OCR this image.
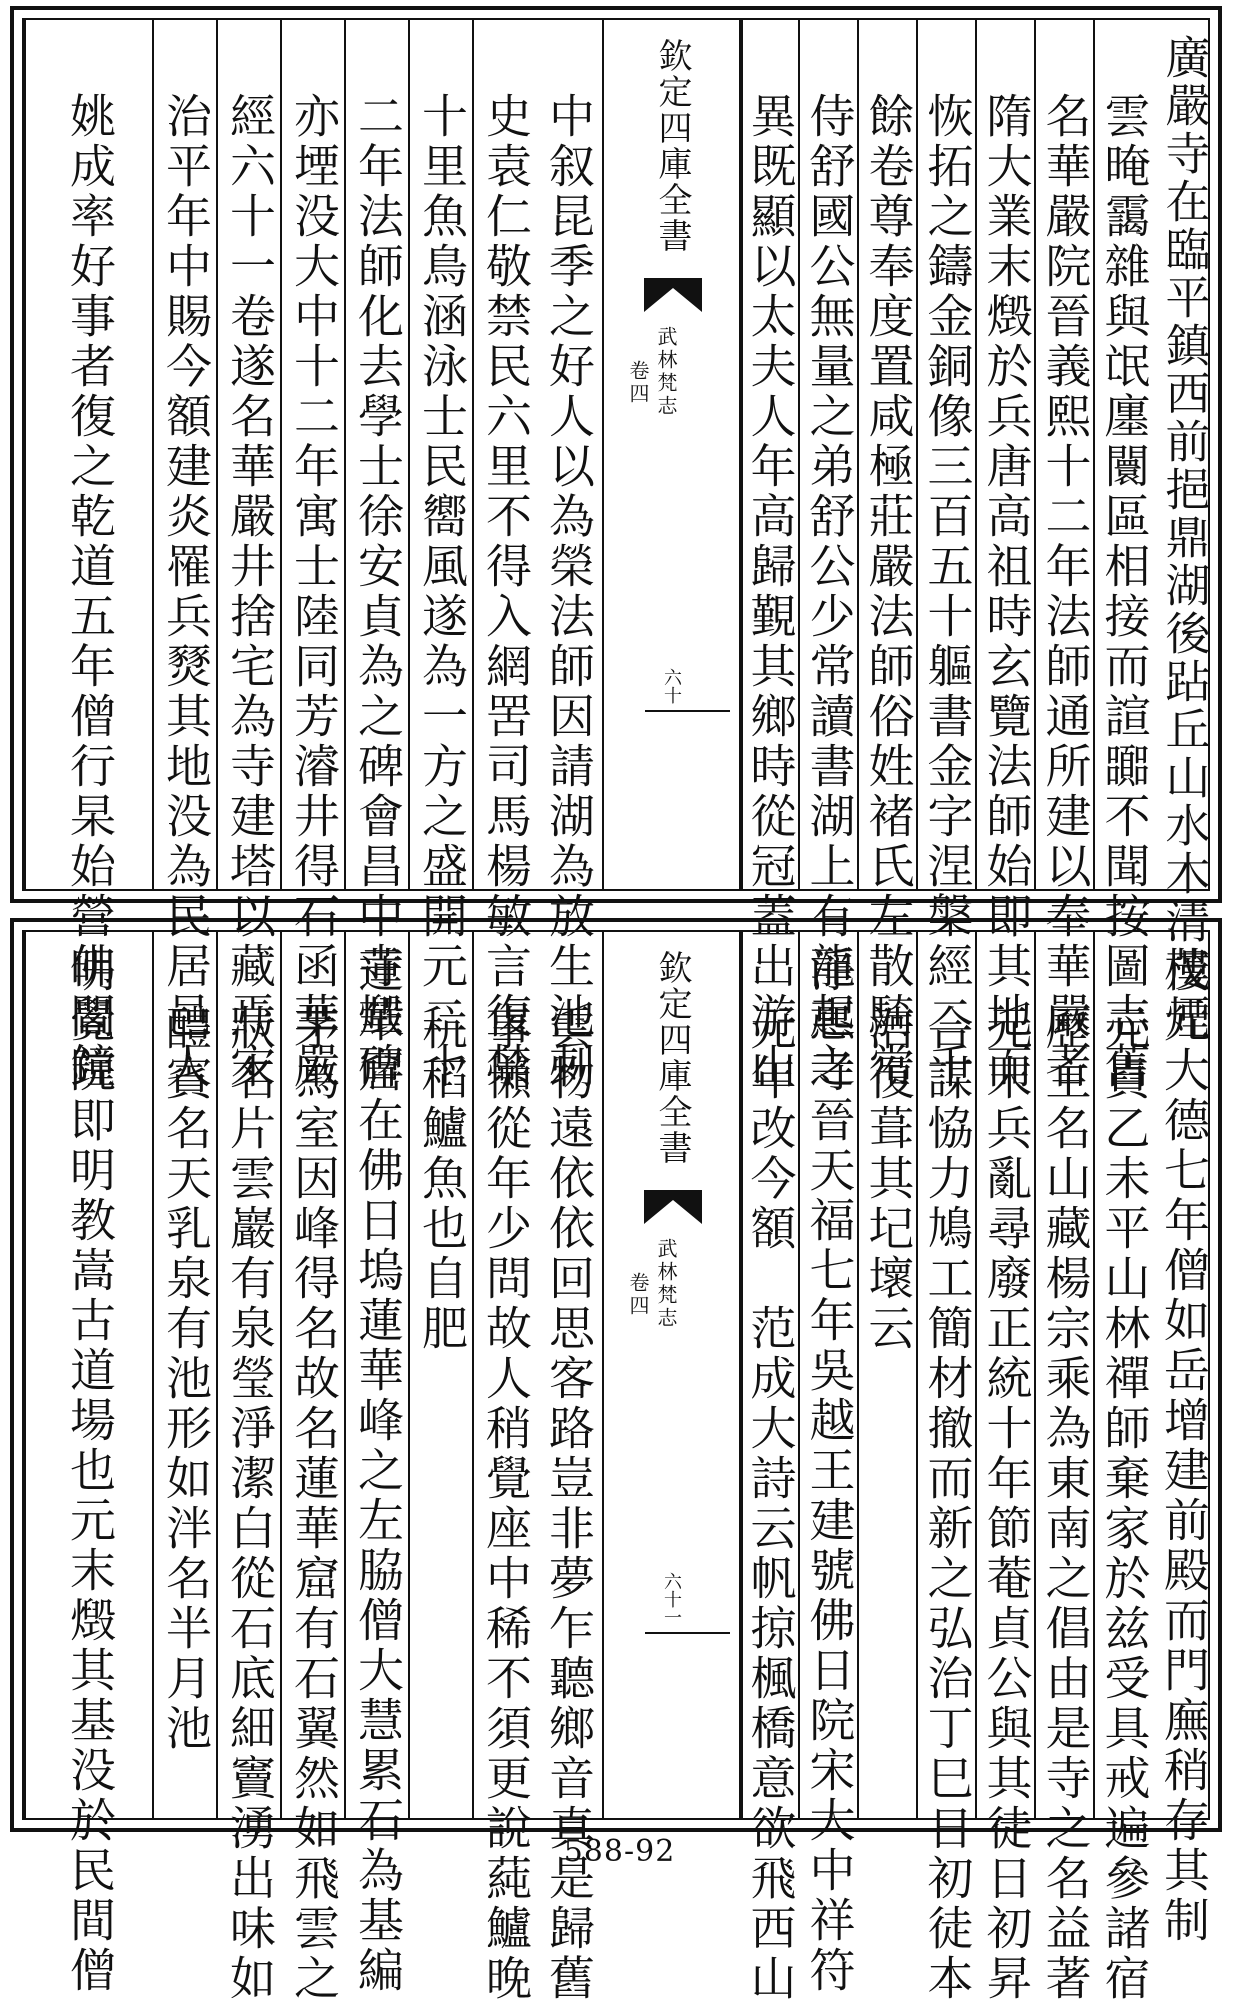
廣嚴寺在臨平鎮西前挹鼎湖後跕丘山水木清茂煙
雲晻靄雜與氓廛闤區相接而諠嚻不聞按圖志舊
名華嚴院晉義熙十二年法師通所建以奉華嚴者
隋大業末燬於兵唐高祖時玄覽法師始即其地而
恢拓之鑄金銅像三百五十軀書金字涅槃經二千
餘卷尊奉度置咸極莊嚴法師俗姓褚氏左散騎常
侍舒國公無量之弟舒公少常讀書湖上有龍起之
異既顯以太夫人年高歸覲其鄉時從冠蓋出游山
欽定四庫全書
武林梵志
卷四
六十
中叙昆季之好人以為榮法師因請湖為放生池刺
史袁仁敬禁民六里不得入網罟司馬楊敏言復禁
十里魚鳥涵泳士民嚮風遂為一方之盛開元二十
二年法師化去學士徐安貞為之碑會昌中寺燬碑
亦堙没大中十二年寓士陸同芳濬井得石函華嚴
經六十一卷遂名華嚴井捨宅為寺建塔以藏焉宋
治平年中賜今額建炎罹兵燹其地没為民居邑人
姚成率好事者復之乾道五年僧行杲始營佛閣鐘
樓元大德七年僧如岳增建前殿而門廡稍存其制
元貞乙未平山林禪師棄家於兹受具戒遍參諸宿
歷主名山藏楊宗乘為東南之倡由是寺之名益著
元末兵亂尋廢正統十年節菴貞公與其徒日初昇
合謀恊力鳩工簡材撤而新之弘治丁巳日初徒本
浩復葺其圮壞云
淨惠寺晉天福七年吳越王建號佛日院宋大中祥符
元年改今額　范成大詩云帆掠楓橋意欲飛西山
欽定四庫全書
武林梵志
卷四
六十一
雲物遠依依回思客路豈非夢乍聽鄉音真是歸舊
事懶從年少問故人稍覺座中稀不須更說蒓鱸晚
秔稻鱸魚也自肥
蓮華窟在佛日塢蓮華峰之左脇僧大慧累石為基編
茅為室因峰得名故名蓮華窟有石翼然如飛雲之
狀名片雲巖有泉瑩淨潔白從石底細竇湧出味如
醴賓名天乳泉有池形如泮名半月池
明覺院即明教嵩古道場也元末燬其基没於民間僧	588-92
